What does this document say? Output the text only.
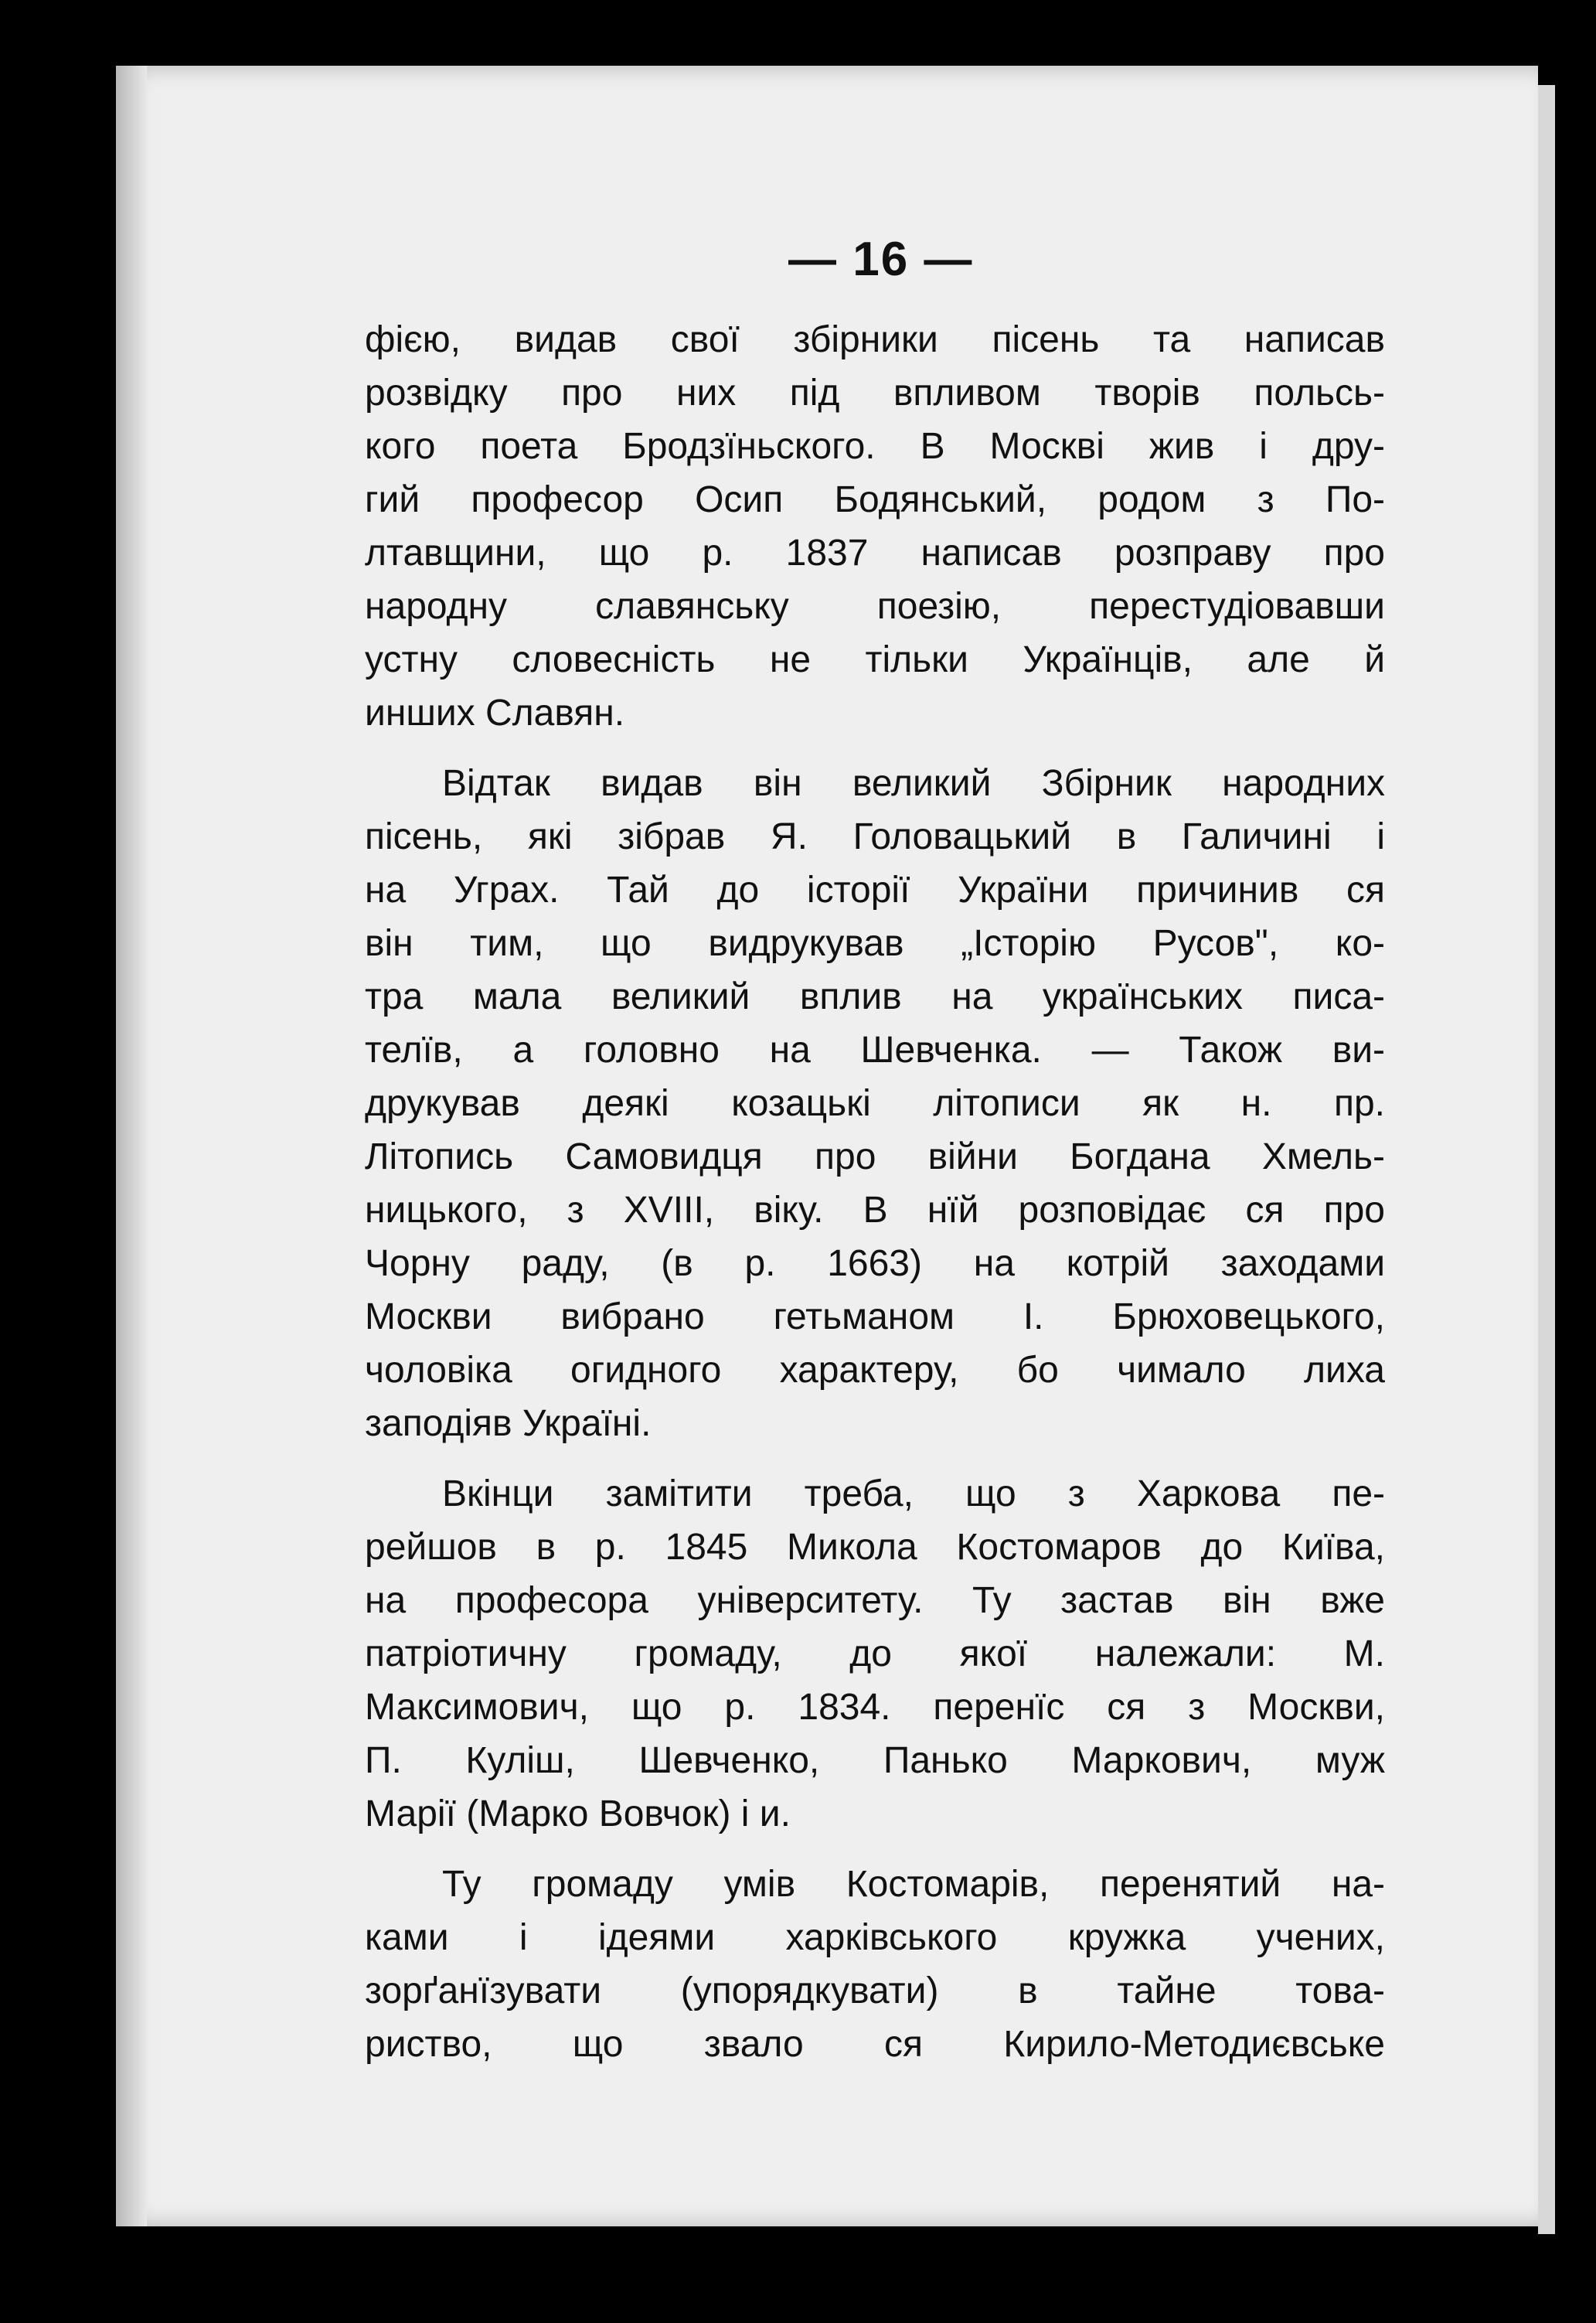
— 16 —
фією, видав свої збірники пісень та написав
розвідку про них під впливом творів польсь-
кого поета Бродзїньского. В Москві жив і дру-
гий професор Осип Бодянський, родом з По-
лтавщини, що р. 1837 написав розправу про
народну славянську поезію, перестудіовавши
устну словесність не тільки Українців, але й
инших Славян.
Відтак видав він великий Збірник народних
пісень, які зібрав Я. Головацький в Галичині і
на Уграх. Тай до історії України причинив ся
він тим, що видрукував „Історію Русов", ко-
тра мала великий вплив на українських писа-
телїв, а головно на Шевченка. — Також ви-
друкував деякі козацькі літописи як н. пр.
Літопись Самовидця про війни Богдана Хмель-
ницького, з XVIII, віку. В нїй розповідає ся про
Чорну раду, (в р. 1663) на котрій заходами
Москви вибрано гетьманом І. Брюховецького,
чоловіка огидного характеру, бо чимало лиха
заподіяв Україні.
Вкінци замітити треба, що з Харкова пе-
рейшов в р. 1845 Микола Костомаров до Київа,
на професора університету. Ту застав він вже
патріотичну громаду, до якої належали: М.
Максимович, що р. 1834. перенїс ся з Москви,
П. Куліш, Шевченко, Панько Маркович, муж
Марії (Марко Вовчок) і и.
Ту громаду умів Костомарів, перенятий на-
ками і ідеями харківського кружка учених,
зорґанїзувати (упорядкувати) в тайне това-
риство, що звало ся Кирило-Методиєвське
